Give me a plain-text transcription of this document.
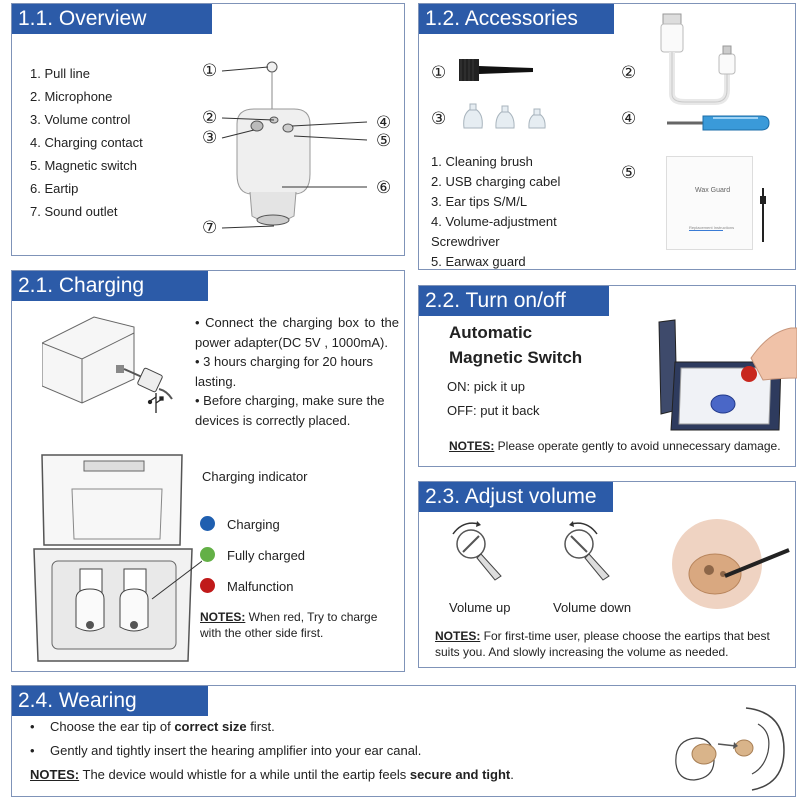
1.1. Overview
1. Pull line
2. Microphone
3. Volume control
4. Charging contact
5. Magnetic switch
6. Eartip
7. Sound outlet
①
②
③
④
⑤
⑥
⑦
1.2. Accessories
①	②
③	④
⑤
Wax Guard
Replacement Instructions
1. Cleaning brush
2. USB charging cabel
3. Ear tips S/M/L
4. Volume-adjustment
Screwdriver
5. Earwax guard
2.1. Charging
• Connect the charging box to the power adapter(DC 5V , 1000mA).
• 3 hours charging for 20 hours lasting.
• Before charging, make sure the devices is correctly placed.
Charging indicator
Charging
Fully charged
Malfunction
NOTES: When red, Try to charge with the other side first.
2.2. Turn on/off
Automatic
Magnetic Switch
ON: pick it up
OFF: put it back
NOTES: Please operate gently to avoid unnecessary damage.
2.3. Adjust volume
Volume up	Volume down
NOTES: For first-time user, please choose the eartips that best suits you. And slowly increasing the volume as needed.
2.4. Wearing
• Choose the ear tip of correct size first.
• Gently and tightly insert the hearing amplifier into your ear canal.
NOTES: The device would whistle for a while until the eartip feels secure and tight.
